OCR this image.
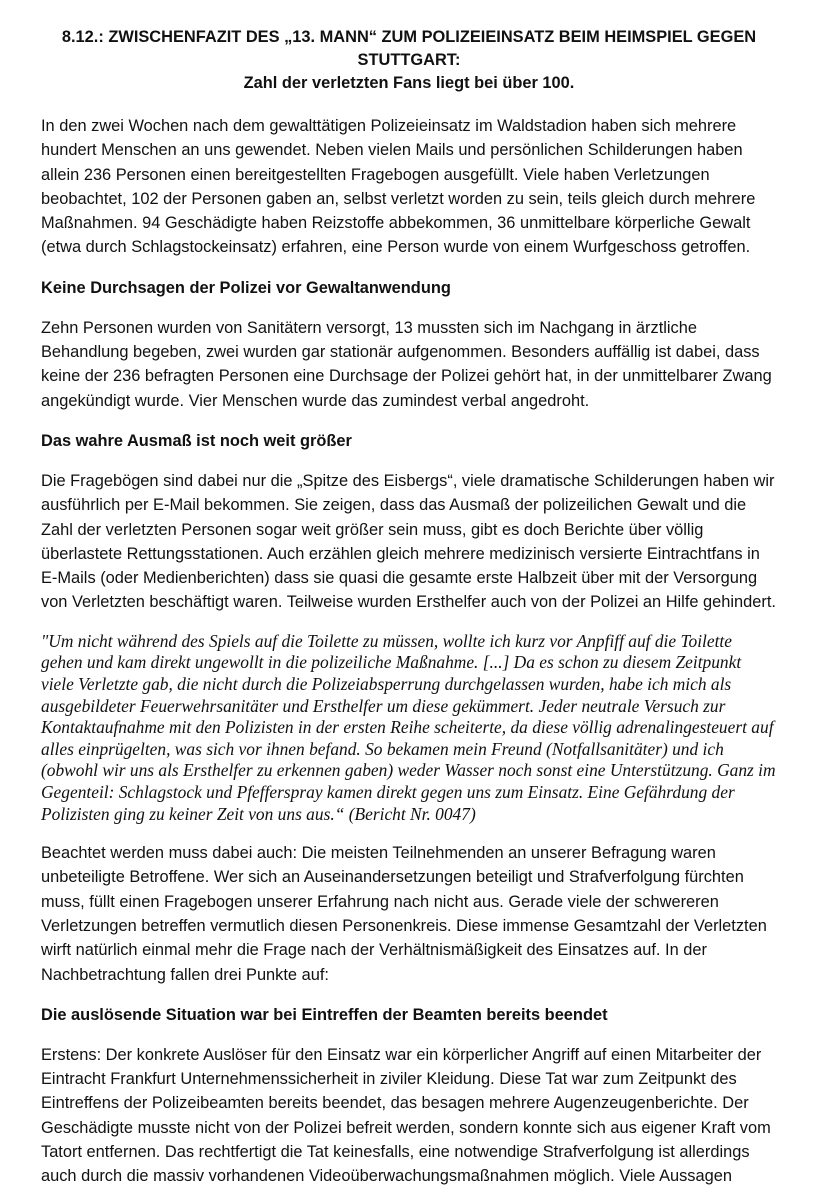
8.12.: ZWISCHENFAZIT DES „13. MANN“ ZUM POLIZEIEINSATZ BEIM HEIMSPIEL GEGEN STUTTGART:
Zahl der verletzten Fans liegt bei über 100.

In den zwei Wochen nach dem gewalttätigen Polizeieinsatz im Waldstadion haben sich mehrere hundert Menschen an uns gewendet. Neben vielen Mails und persönlichen Schilderungen haben allein 236 Personen einen bereitgestellten Fragebogen ausgefüllt. Viele haben Verletzungen beobachtet, 102 der Personen gaben an, selbst verletzt worden zu sein, teils gleich durch mehrere Maßnahmen. 94 Geschädigte haben Reizstoffe abbekommen, 36 unmittelbare körperliche Gewalt (etwa durch Schlagstockeinsatz) erfahren, eine Person wurde von einem Wurfgeschoss getroffen.

Keine Durchsagen der Polizei vor Gewaltanwendung

Zehn Personen wurden von Sanitätern versorgt, 13 mussten sich im Nachgang in ärztliche Behandlung begeben, zwei wurden gar stationär aufgenommen. Besonders auffällig ist dabei, dass keine der 236 befragten Personen eine Durchsage der Polizei gehört hat, in der unmittelbarer Zwang angekündigt wurde. Vier Menschen wurde das zumindest verbal angedroht.

Das wahre Ausmaß ist noch weit größer

Die Fragebögen sind dabei nur die „Spitze des Eisbergs“, viele dramatische Schilderungen haben wir ausführlich per E-Mail bekommen. Sie zeigen, dass das Ausmaß der polizeilichen Gewalt und die Zahl der verletzten Personen sogar weit größer sein muss, gibt es doch Berichte über völlig überlastete Rettungsstationen. Auch erzählen gleich mehrere medizinisch versierte Eintrachtfans in E-Mails (oder Medienberichten) dass sie quasi die gesamte erste Halbzeit über mit der Versorgung von Verletzten beschäftigt waren. Teilweise wurden Ersthelfer auch von der Polizei an Hilfe gehindert.

"Um nicht während des Spiels auf die Toilette zu müssen, wollte ich kurz vor Anpfiff auf die Toilette gehen und kam direkt ungewollt in die polizeiliche Maßnahme. [...] Da es schon zu diesem Zeitpunkt viele Verletzte gab, die nicht durch die Polizeiabsperrung durchgelassen wurden, habe ich mich als ausgebildeter Feuerwehrsanitäter und Ersthelfer um diese gekümmert. Jeder neutrale Versuch zur Kontaktaufnahme mit den Polizisten in der ersten Reihe scheiterte, da diese völlig adrenalingesteuert auf alles einprügelten, was sich vor ihnen befand. So bekamen mein Freund (Notfallsanitäter) und ich (obwohl wir uns als Ersthelfer zu erkennen gaben) weder Wasser noch sonst eine Unterstützung. Ganz im Gegenteil: Schlagstock und Pfefferspray kamen direkt gegen uns zum Einsatz. Eine Gefährdung der Polizisten ging zu keiner Zeit von uns aus.“ (Bericht Nr. 0047)

Beachtet werden muss dabei auch: Die meisten Teilnehmenden an unserer Befragung waren unbeteiligte Betroffene. Wer sich an Auseinandersetzungen beteiligt und Strafverfolgung fürchten muss, füllt einen Fragebogen unserer Erfahrung nach nicht aus. Gerade viele der schwereren Verletzungen betreffen vermutlich diesen Personenkreis. Diese immense Gesamtzahl der Verletzten wirft natürlich einmal mehr die Frage nach der Verhältnismäßigkeit des Einsatzes auf. In der Nachbetrachtung fallen drei Punkte auf:

Die auslösende Situation war bei Eintreffen der Beamten bereits beendet

Erstens: Der konkrete Auslöser für den Einsatz war ein körperlicher Angriff auf einen Mitarbeiter der Eintracht Frankfurt Unternehmenssicherheit in ziviler Kleidung. Diese Tat war zum Zeitpunkt des Eintreffens der Polizeibeamten bereits beendet, das besagen mehrere Augenzeugenberichte. Der Geschädigte musste nicht von der Polizei befreit werden, sondern konnte sich aus eigener Kraft vom Tatort entfernen. Das rechtfertigt die Tat keinesfalls, eine notwendige Strafverfolgung ist allerdings auch durch die massiv vorhandenen Videoüberwachungsmaßnahmen möglich. Viele Aussagen
